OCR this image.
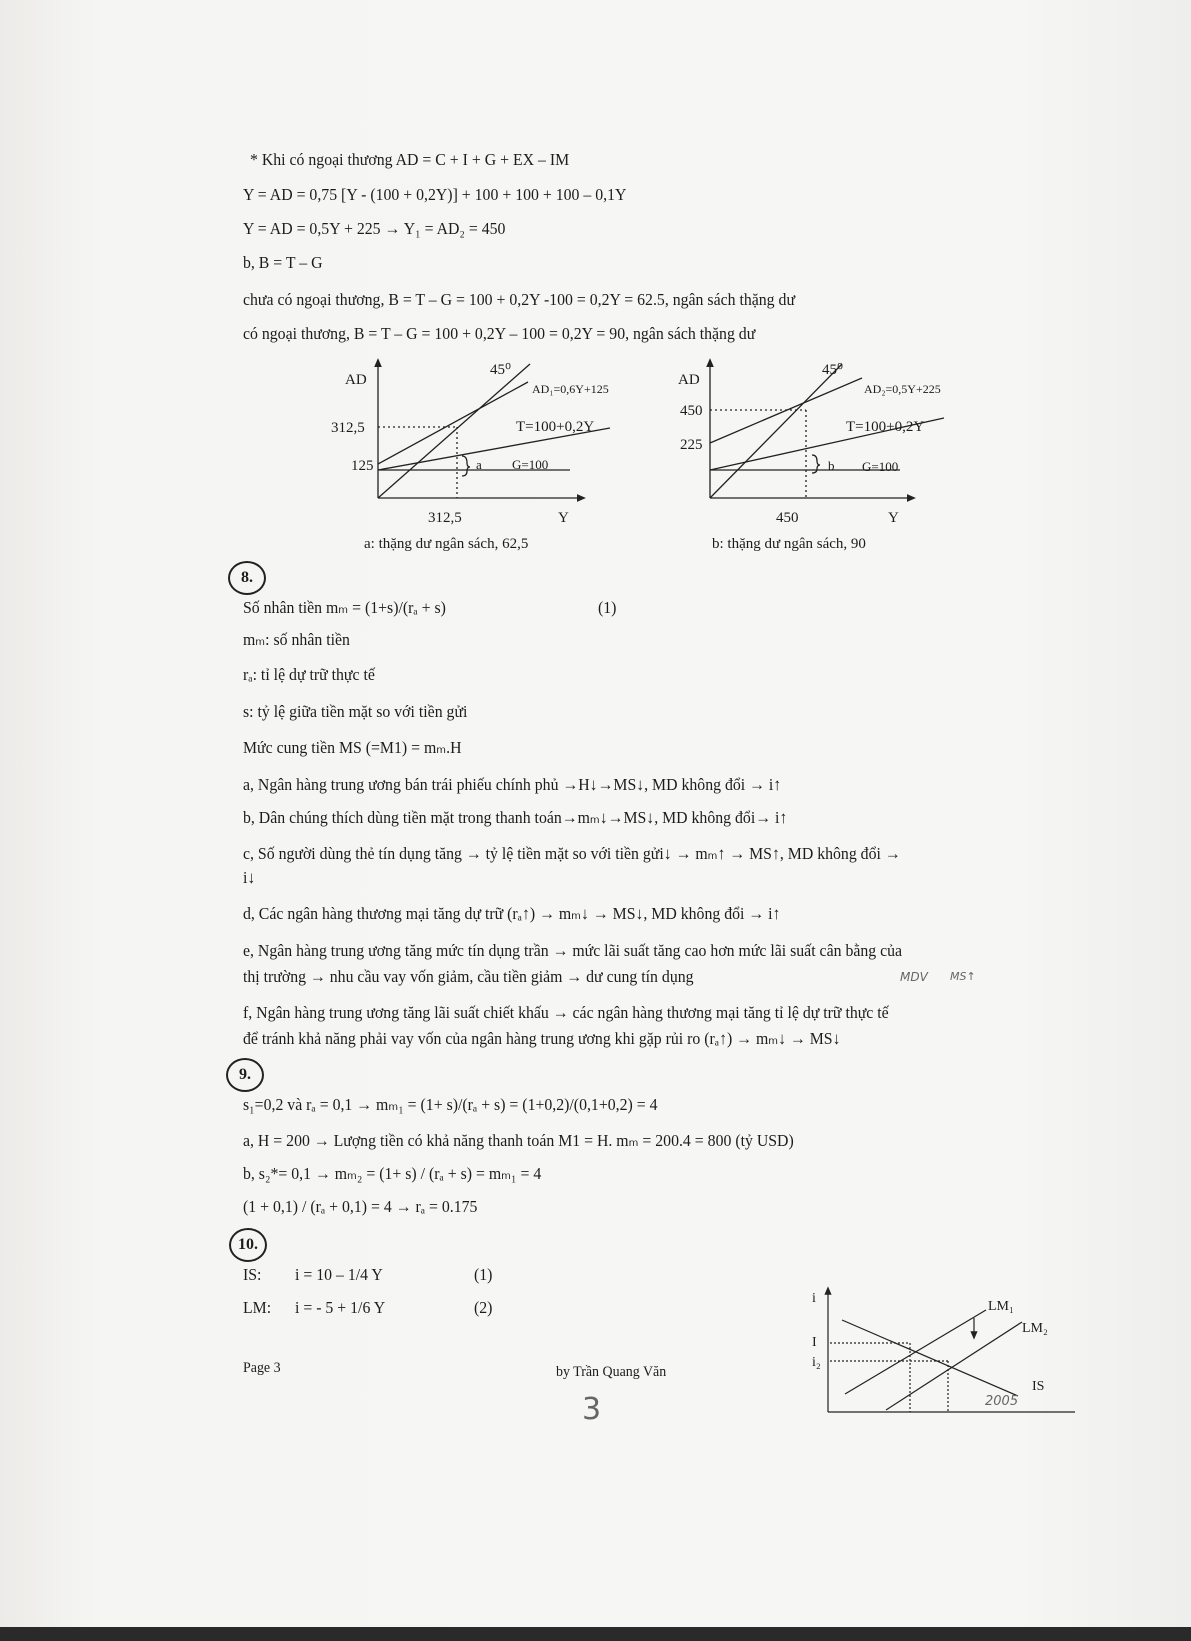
* Khi có ngoại thương AD = C + I + G + EX – IM
Y = AD = 0,75 [Y - (100 + 0,2Y)] + 100 + 100 + 100 – 0,1Y
Y = AD = 0,5Y + 225 → Y₁ = AD₂ = 450
b, B = T – G
chưa có ngoại thương, B = T – G = 100 + 0,2Y -100 = 0,2Y = 62.5, ngân sách thặng dư
có ngoại thương, B = T – G = 100 + 0,2Y – 100 = 0,2Y = 90, ngân sách thặng dư
AD
45⁰
AD₁=0,6Y+125
T=100+0,2Y
G=100
a
312,5
125
312,5	Y
AD
45⁰
AD₂=0,5Y+225
T=100+0,2Y
G=100
b
450
225
450	Y
a: thặng dư ngân sách, 62,5	b: thặng dư ngân sách, 90
8.
Số nhân tiền mₘ = (1+s)/(rₐ + s)	(1)
mₘ: số nhân tiền
rₐ: tỉ lệ dự trữ thực tế
s: tỷ lệ giữa tiền mặt so với tiền gửi
Mức cung tiền MS (=M1) = mₘ.H
a, Ngân hàng trung ương bán trái phiếu chính phủ →H↓→MS↓, MD không đổi → i↑
b, Dân chúng thích dùng tiền mặt trong thanh toán→mₘ↓→MS↓, MD không đổi→ i↑
c, Số người dùng thẻ tín dụng tăng → tỷ lệ tiền mặt so với tiền gửi↓ → mₘ↑ → MS↑, MD không đổi →
i↓
d, Các ngân hàng thương mại tăng dự trữ (rₐ↑) → mₘ↓ → MS↓, MD không đổi → i↑
e, Ngân hàng trung ương tăng mức tín dụng trần → mức lãi suất tăng cao hơn mức lãi suất cân bằng của
thị trường → nhu cầu vay vốn giảm, cầu tiền giảm → dư cung tín dụng
f, Ngân hàng trung ương tăng lãi suất chiết khấu → các ngân hàng thương mại tăng tỉ lệ dự trữ thực tế
để tránh khả năng phải vay vốn của ngân hàng trung ương khi gặp rủi ro (rₐ↑) → mₘ↓ → MS↓
MDV MS↑
9.
s₁=0,2 và rₐ = 0,1 → mₘ₁ = (1+ s)/(rₐ + s) = (1+0,2)/(0,1+0,2) = 4
a, H = 200 → Lượng tiền có khả năng thanh toán M1 = H. mₘ = 200.4 = 800 (tỷ USD)
b, s₂*= 0,1 → mₘ₂ = (1+ s) / (rₐ + s) = mₘ₁ = 4
(1 + 0,1) / (rₐ + 0,1) = 4 → rₐ = 0.175
10.
IS: i = 10 – 1/4 Y	(1)
LM: i = - 5 + 1/6 Y	(2)	i
I
i₂
LM₁
LM₂
IS
2005
Page 3	by Trần Quang Văn
3
